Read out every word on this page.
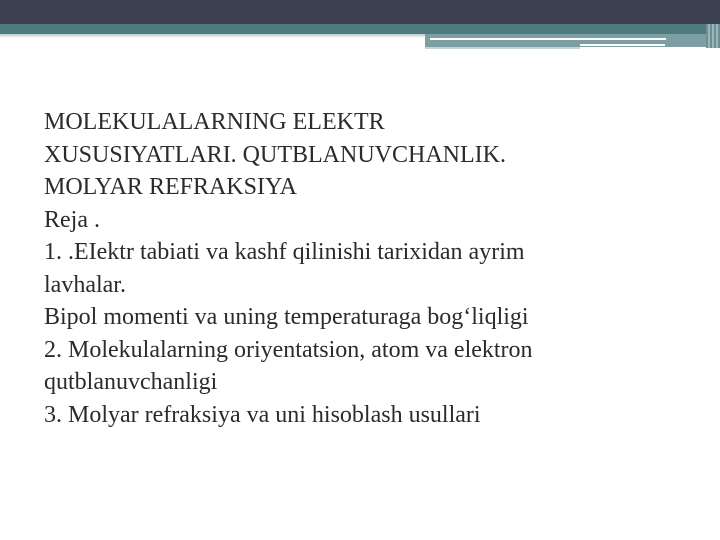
MOLEKULALARNING ELEKTR
XUSUSIYATLARI. QUTBLANUVCHANLIK.
MOLYAR REFRAKSIYA
Reja .
1. .EIektr tabiati va kashf qilinishi tarixidan ayrim
lavhalar.
Bipol momenti va uning temperaturaga bog‘liqligi
2. Molekulalarning oriyentatsion, atom va elektron
qutblanuvchanligi
3. Molyar refraksiya va uni hisoblash usullari
